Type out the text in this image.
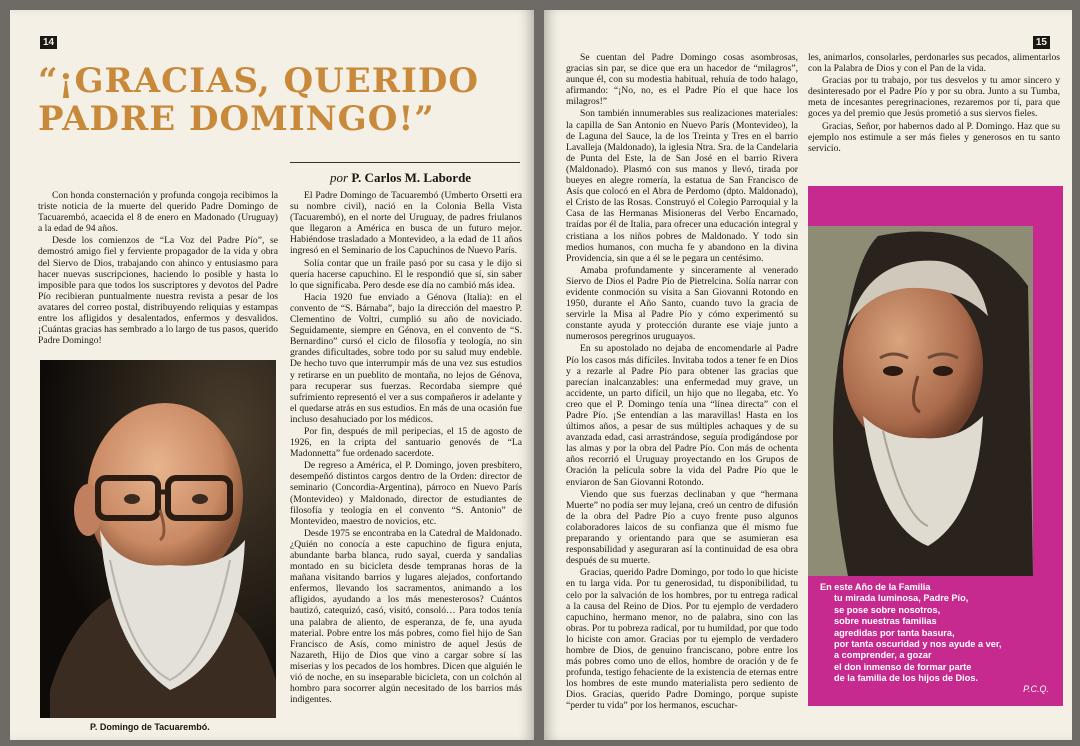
14
“¡GRACIAS, QUERIDO PADRE DOMINGO!”
por P. Carlos M. Laborde

Con honda consternación y profunda congoja recibimos la triste noticia de la muerte del querido Padre Domingo de Tacuarembó, acaecida el 8 de enero en Madonado (Uruguay) a la edad de 94 años.

Desde los comienzos de “La Voz del Padre Pío”, se demostró amigo fiel y ferviente propagador de la vida y obra del Siervo de Dios, trabajando con ahinco y entusiasmo para hacer nuevas suscripciones, haciendo lo posible y hasta lo imposible para que todos los suscriptores y devotos del Padre Pío recibieran puntualmente nuestra revista a pesar de los avatares del correo postal, distribuyendo reliquias y estampas entre los afligidos y desalentados, enfermos y desvalidos. ¡Cuántas gracias has sembrado a lo largo de tus pasos, querido Padre Domingo!

P. Domingo de Tacuarembó.

El Padre Domingo de Tacuarembó (Umberto Orsetti era su nombre civil), nació en la Colonia Bella Vista (Tacuarembó), en el norte del Uruguay, de padres friulanos que llegaron a América en busca de un futuro mejor. Habiéndose trasladado a Montevideo, a la edad de 11 años ingresó en el Seminario de los Capuchinos de Nuevo París.

Solía contar que un fraile pasó por su casa y le dijo si quería hacerse capuchino. El le respondió que sí, sin saber lo que significaba. Pero desde ese día no cambió más idea.

Hacia 1920 fue enviado a Génova (Italia): en el convento de “S. Bárnaba”, bajo la dirección del maestro P. Clementino de Voltri, cumplió su año de noviciado. Seguidamente, siempre en Génova, en el convento de “S. Bernardino” cursó el ciclo de filosofía y teología, no sin grandes dificultades, sobre todo por su salud muy endeble. De hecho tuvo que interrumpir más de una vez sus estudios y retirarse en un pueblito de montaña, no lejos de Génova, para recuperar sus fuerzas. Recordaba siempre qué sufrimiento representó el ver a sus compañeros ir adelante y el quedarse atrás en sus estudios. En más de una ocasión fue incluso desahuciado por los médicos.

Por fin, después de mil peripecias, el 15 de agosto de 1926, en la cripta del santuario genovés de “La Madonnetta” fue ordenado sacerdote.

De regreso a América, el P. Domingo, joven presbítero, desempeñó distintos cargos dentro de la Orden: director de seminario (Concordia-Argentina), párroco en Nuevo París (Montevideo) y Maldonado, director de estudiantes de filosofía y teología en el convento “S. Antonio” de Montevideo, maestro de novicios, etc.

Desde 1975 se encontraba en la Catedral de Maldonado. ¿Quién no conocía a este capuchino de figura enjuta, abundante barba blanca, rudo sayal, cuerda y sandalias montado en su bicicleta desde tempranas horas de la mañana visitando barrios y lugares alejados, confortando enfermos, llevando los sacramentos, animando a los afligidos, ayudando a los más menesterosos? Cuántos bautizó, catequizó, casó, visitó, consoló… Para todos tenía una palabra de aliento, de esperanza, de fe, una ayuda material. Pobre entre los más pobres, como fiel hijo de San Francisco de Asís, como ministro de aquel Jesús de Nazareth, Hijo de Dios que vino a cargar sobre sí las miserias y los pecados de los hombres. Dicen que alguién le vió de noche, en su inseparable bicicleta, con un colchón al hombro para socorrer algún necesitado de los barrios más indigentes.

15

Se cuentan del Padre Domingo cosas asombrosas, gracias sin par, se dice que era un hacedor de “milagros”, aunque él, con su modestia habitual, rehuía de todo halago, afirmando: “¡No, no, es el Padre Pío el que hace los milagros!”

Son también innumerables sus realizaciones materiales: la capilla de San Antonio en Nuevo París (Montevideo), la de Laguna del Sauce, la de los Treinta y Tres en el barrio Lavalleja (Maldonado), la iglesia Ntra. Sra. de la Candelaria de Punta del Este, la de San José en el barrio Rivera (Maldonado). Plasmó con sus manos y llevó, tirada por bueyes en alegre romería, la estatua de San Francisco de Asís que colocó en el Abra de Perdomo (dpto. Maldonado), el Cristo de las Rosas. Construyó el Colegio Parroquial y la Casa de las Hermanas Misioneras del Verbo Encarnado, traídas por él de Italia, para ofrecer una educación integral y cristiana a los niños pobres de Maldonado. Y todo sin medios humanos, con mucha fe y abandono en la divina Providencia, sin que a él se le pegara un centésimo.

Amaba profundamente y sinceramente al venerado Siervo de Dios el Padre Pío de Pietrelcina. Solía narrar con evidente conmoción su visita a San Giovanni Rotondo en 1950, durante el Año Santo, cuando tuvo la gracia de servirle la Misa al Padre Pío y cómo experimentó su constante ayuda y protección durante ese viaje junto a numerosos peregrinos uruguayos.

En su apostolado no dejaba de encomendarle al Padre Pío los casos más difíciles. Invitaba todos a tener fe en Dios y a rezarle al Padre Pío para obtener las gracias que parecían inalcanzables: una enfermedad muy grave, un accidente, un parto difícil, un hijo que no llegaba, etc. Yo creo que el P. Domingo tenía una “línea directa” con el Padre Pío. ¡Se entendían a las maravillas! Hasta en los últimos años, a pesar de sus múltiples achaques y de su avanzada edad, casi arrastrándose, seguía prodigándose por las almas y por la obra del Padre Pío. Con más de ochenta años recorrió el Uruguay proyectando en los Grupos de Oración la película sobre la vida del Padre Pío que le enviaron de San Giovanni Rotondo.

Viendo que sus fuerzas declinaban y que “hermana Muerte” no podía ser muy lejana, creó un centro de difusión de la obra del Padre Pío a cuyo frente puso algunos colaboradores laicos de su confianza que él mismo fue preparando y orientando para que se asumieran esa responsabilidad y aseguraran así la continuidad de esa obra después de su muerte.

Gracias, querido Padre Domingo, por todo lo que hiciste en tu larga vida. Por tu generosidad, tu disponibilidad, tu celo por la salvación de los hombres, por tu entrega radical a la causa del Reino de Dios. Por tu ejemplo de verdadero capuchino, hermano menor, no de palabra, sino con las obras. Por tu pobreza radical, por tu humildad, por que todo lo hiciste con amor. Gracias por tu ejemplo de verdadero hombre de Dios, de genuino franciscano, pobre entre los más pobres como uno de ellos, hombre de oración y de fe profunda, testigo fehaciente de la existencia de eternas entre los hombres de este mundo materialista pero sediento de Dios. Gracias, querido Padre Domingo, porque supiste “perder tu vida” por los hermanos, escuchar-

les, animarlos, consolarles, perdonarles sus pecados, alimentarlos con la Palabra de Dios y con el Pan de la vida.

Gracias por tu trabajo, por tus desvelos y tu amor sincero y desinteresado por el Padre Pío y por su obra. Junto a su Tumba, meta de incesantes peregrinaciones, rezaremos por tí, para que goces ya del premio que Jesús prometió a sus siervos fieles.

Gracias, Señor, por habernos dado al P. Domingo. Haz que su ejemplo nos estimule a ser más fieles y generosos en tu santo servicio.

En este Año de la Familia
tu mirada luminosa, Padre Pío,
se pose sobre nosotros,
sobre nuestras familias
agredidas por tanta basura,
por tanta oscuridad y nos ayude a ver,
a comprender, a gozar
el don inmenso de formar parte
de la familia de los hijos de Dios.
P.C.Q.
